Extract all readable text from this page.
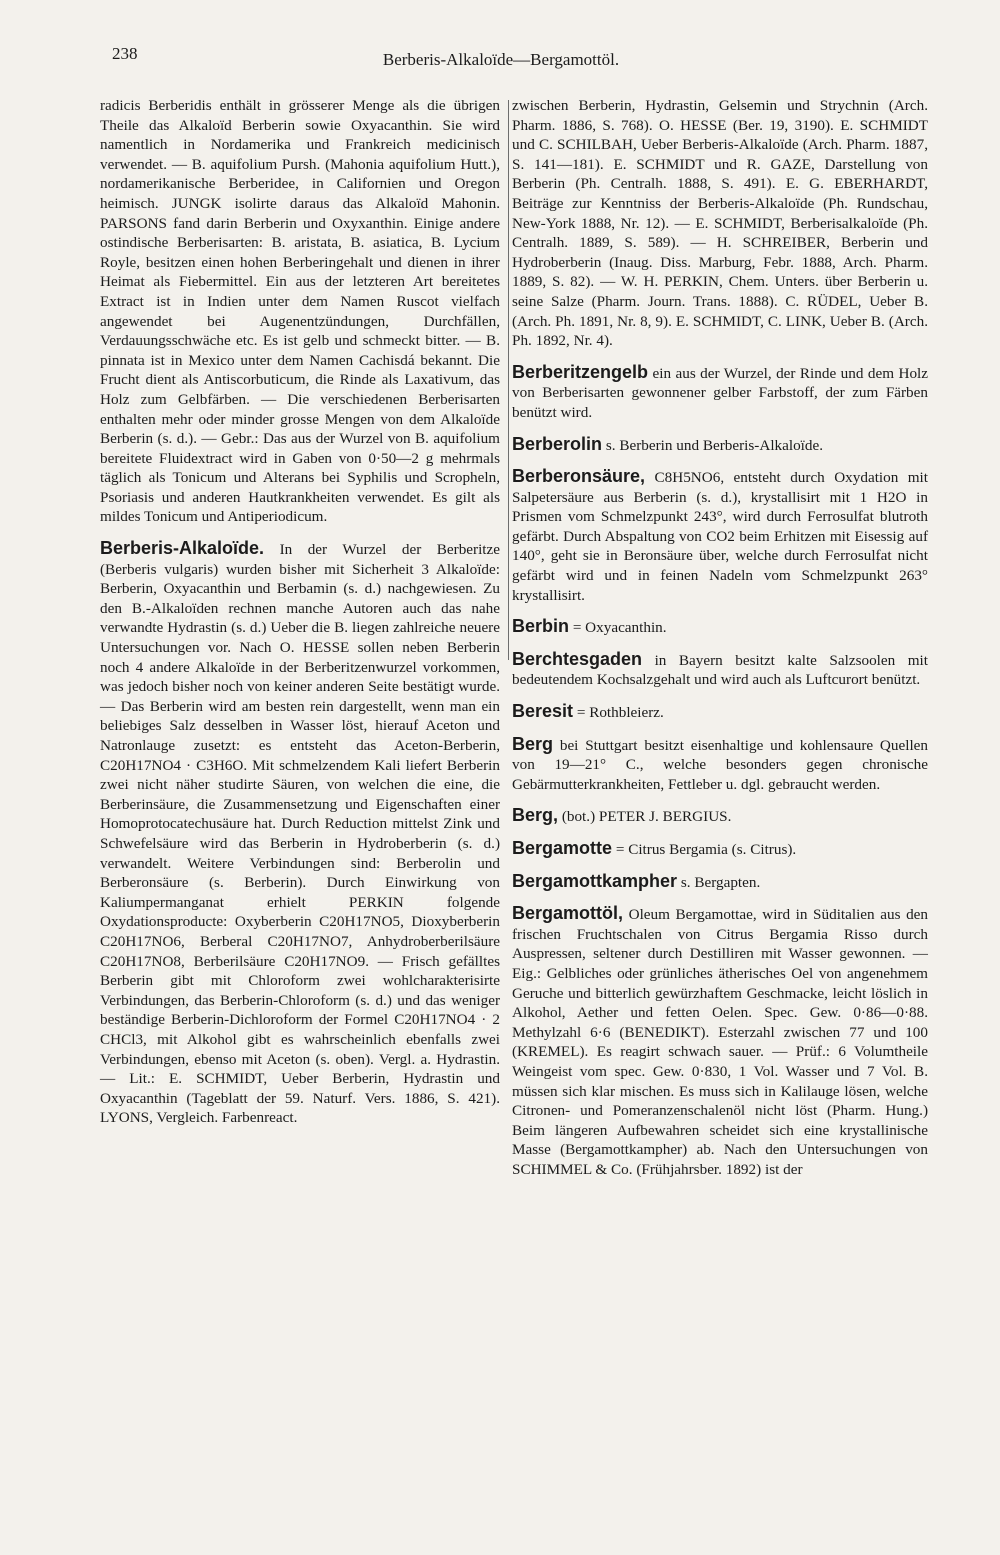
238	Berberis-Alkaloïde—Bergamottöl.

radicis Berberidis enthält in grösserer Menge als die übrigen Theile das Alkaloïd Berberin sowie Oxyacanthin. Sie wird namentlich in Nordamerika und Frankreich medicinisch verwendet. — B. aquifolium Pursh. (Mahonia aquifolium Hutt.), nordamerikanische Berberidee, in Californien und Oregon heimisch. JUNGK isolirte daraus das Alkaloïd Mahonin. PARSONS fand darin Berberin und Oxyxanthin. Einige andere ostindische Berberisarten: B. aristata, B. asiatica, B. Lycium Royle, besitzen einen hohen Berberingehalt und dienen in ihrer Heimat als Fiebermittel. Ein aus der letzteren Art bereitetes Extract ist in Indien unter dem Namen Ruscot vielfach angewendet bei Augenentzündungen, Durchfällen, Verdauungsschwäche etc. Es ist gelb und schmeckt bitter. — B. pinnata ist in Mexico unter dem Namen Cachisdá bekannt. Die Frucht dient als Antiscorbuticum, die Rinde als Laxativum, das Holz zum Gelbfärben. — Die verschiedenen Berberisarten enthalten mehr oder minder grosse Mengen von dem Alkaloïde Berberin (s. d.). — Gebr.: Das aus der Wurzel von B. aquifolium bereitete Fluidextract wird in Gaben von 0·50—2 g mehrmals täglich als Tonicum und Alterans bei Syphilis und Scropheln, Psoriasis und anderen Hautkrankheiten verwendet. Es gilt als mildes Tonicum und Antiperiodicum.

Berberis-Alkaloïde. In der Wurzel der Berberitze (Berberis vulgaris) wurden bisher mit Sicherheit 3 Alkaloïde: Berberin, Oxyacanthin und Berbamin (s. d.) nachgewiesen. Zu den B.-Alkaloïden rechnen manche Autoren auch das nahe verwandte Hydrastin (s. d.) Ueber die B. liegen zahlreiche neuere Untersuchungen vor. Nach O. HESSE sollen neben Berberin noch 4 andere Alkaloïde in der Berberitzenwurzel vorkommen, was jedoch bisher noch von keiner anderen Seite bestätigt wurde. — Das Berberin wird am besten rein dargestellt, wenn man ein beliebiges Salz desselben in Wasser löst, hierauf Aceton und Natronlauge zusetzt: es entsteht das Aceton-Berberin, C20H17NO4 · C3H6O. Mit schmelzendem Kali liefert Berberin zwei nicht näher studirte Säuren, von welchen die eine, die Berberinsäure, die Zusammensetzung und Eigenschaften einer Homoprotocatechusäure hat. Durch Reduction mittelst Zink und Schwefelsäure wird das Berberin in Hydroberberin (s. d.) verwandelt. Weitere Verbindungen sind: Berberolin und Berberonsäure (s. Berberin). Durch Einwirkung von Kaliumpermanganat erhielt PERKIN folgende Oxydationsproducte: Oxyberberin C20H17NO5, Dioxyberberin C20H17NO6, Berberal C20H17NO7, Anhydroberberilsäure C20H17NO8, Berberilsäure C20H17NO9. — Frisch gefälltes Berberin gibt mit Chloroform zwei wohlcharakterisirte Verbindungen, das Berberin-Chloroform (s. d.) und das weniger beständige Berberin-Dichloroform der Formel C20H17NO4 · 2 CHCl3, mit Alkohol gibt es wahrscheinlich ebenfalls zwei Verbindungen, ebenso mit Aceton (s. oben). Vergl. a. Hydrastin. — Lit.: E. SCHMIDT, Ueber Berberin, Hydrastin und Oxyacanthin (Tageblatt der 59. Naturf. Vers. 1886, S. 421). LYONS, Vergleich. Farbenreact.

zwischen Berberin, Hydrastin, Gelsemin und Strychnin (Arch. Pharm. 1886, S. 768). O. HESSE (Ber. 19, 3190). E. SCHMIDT und C. SCHILBAH, Ueber Berberis-Alkaloïde (Arch. Pharm. 1887, S. 141—181). E. SCHMIDT und R. GAZE, Darstellung von Berberin (Ph. Centralh. 1888, S. 491). E. G. EBERHARDT, Beiträge zur Kenntniss der Berberis-Alkaloïde (Ph. Rundschau, New-York 1888, Nr. 12). — E. SCHMIDT, Berberisalkaloïde (Ph. Centralh. 1889, S. 589). — H. SCHREIBER, Berberin und Hydroberberin (Inaug. Diss. Marburg, Febr. 1888, Arch. Pharm. 1889, S. 82). — W. H. PERKIN, Chem. Unters. über Berberin u. seine Salze (Pharm. Journ. Trans. 1888). C. RÜDEL, Ueber B. (Arch. Ph. 1891, Nr. 8, 9). E. SCHMIDT, C. LINK, Ueber B. (Arch. Ph. 1892, Nr. 4).

Berberitzengelb ein aus der Wurzel, der Rinde und dem Holz von Berberisarten gewonnener gelber Farbstoff, der zum Färben benützt wird.

Berberolin s. Berberin und Berberis-Alkaloïde.

Berberonsäure, C8H5NO6, entsteht durch Oxydation mit Salpetersäure aus Berberin (s. d.), krystallisirt mit 1 H2O in Prismen vom Schmelzpunkt 243°, wird durch Ferrosulfat blutroth gefärbt. Durch Abspaltung von CO2 beim Erhitzen mit Eisessig auf 140°, geht sie in Beronsäure über, welche durch Ferrosulfat nicht gefärbt wird und in feinen Nadeln vom Schmelzpunkt 263° krystallisirt.

Berbin = Oxyacanthin.

Berchtesgaden in Bayern besitzt kalte Salzsoolen mit bedeutendem Kochsalzgehalt und wird auch als Luftcurort benützt.

Beresit = Rothbleierz.

Berg bei Stuttgart besitzt eisenhaltige und kohlensaure Quellen von 19—21° C., welche besonders gegen chronische Gebärmutterkrankheiten, Fettleber u. dgl. gebraucht werden.

Berg, (bot.) PETER J. BERGIUS.

Bergamotte = Citrus Bergamia (s. Citrus).

Bergamottkampher s. Bergapten.

Bergamottöl, Oleum Bergamottae, wird in Süditalien aus den frischen Fruchtschalen von Citrus Bergamia Risso durch Auspressen, seltener durch Destilliren mit Wasser gewonnen. — Eig.: Gelbliches oder grünliches ätherisches Oel von angenehmem Geruche und bitterlich gewürzhaftem Geschmacke, leicht löslich in Alkohol, Aether und fetten Oelen. Spec. Gew. 0·86—0·88. Methylzahl 6·6 (BENEDIKT). Esterzahl zwischen 77 und 100 (KREMEL). Es reagirt schwach sauer. — Prüf.: 6 Volumtheile Weingeist vom spec. Gew. 0·830, 1 Vol. Wasser und 7 Vol. B. müssen sich klar mischen. Es muss sich in Kalilauge lösen, welche Citronen- und Pomeranzenschalenöl nicht löst (Pharm. Hung.) Beim längeren Aufbewahren scheidet sich eine krystallinische Masse (Bergamottkampher) ab. Nach den Untersuchungen von SCHIMMEL & Co. (Frühjahrsber. 1892) ist der
